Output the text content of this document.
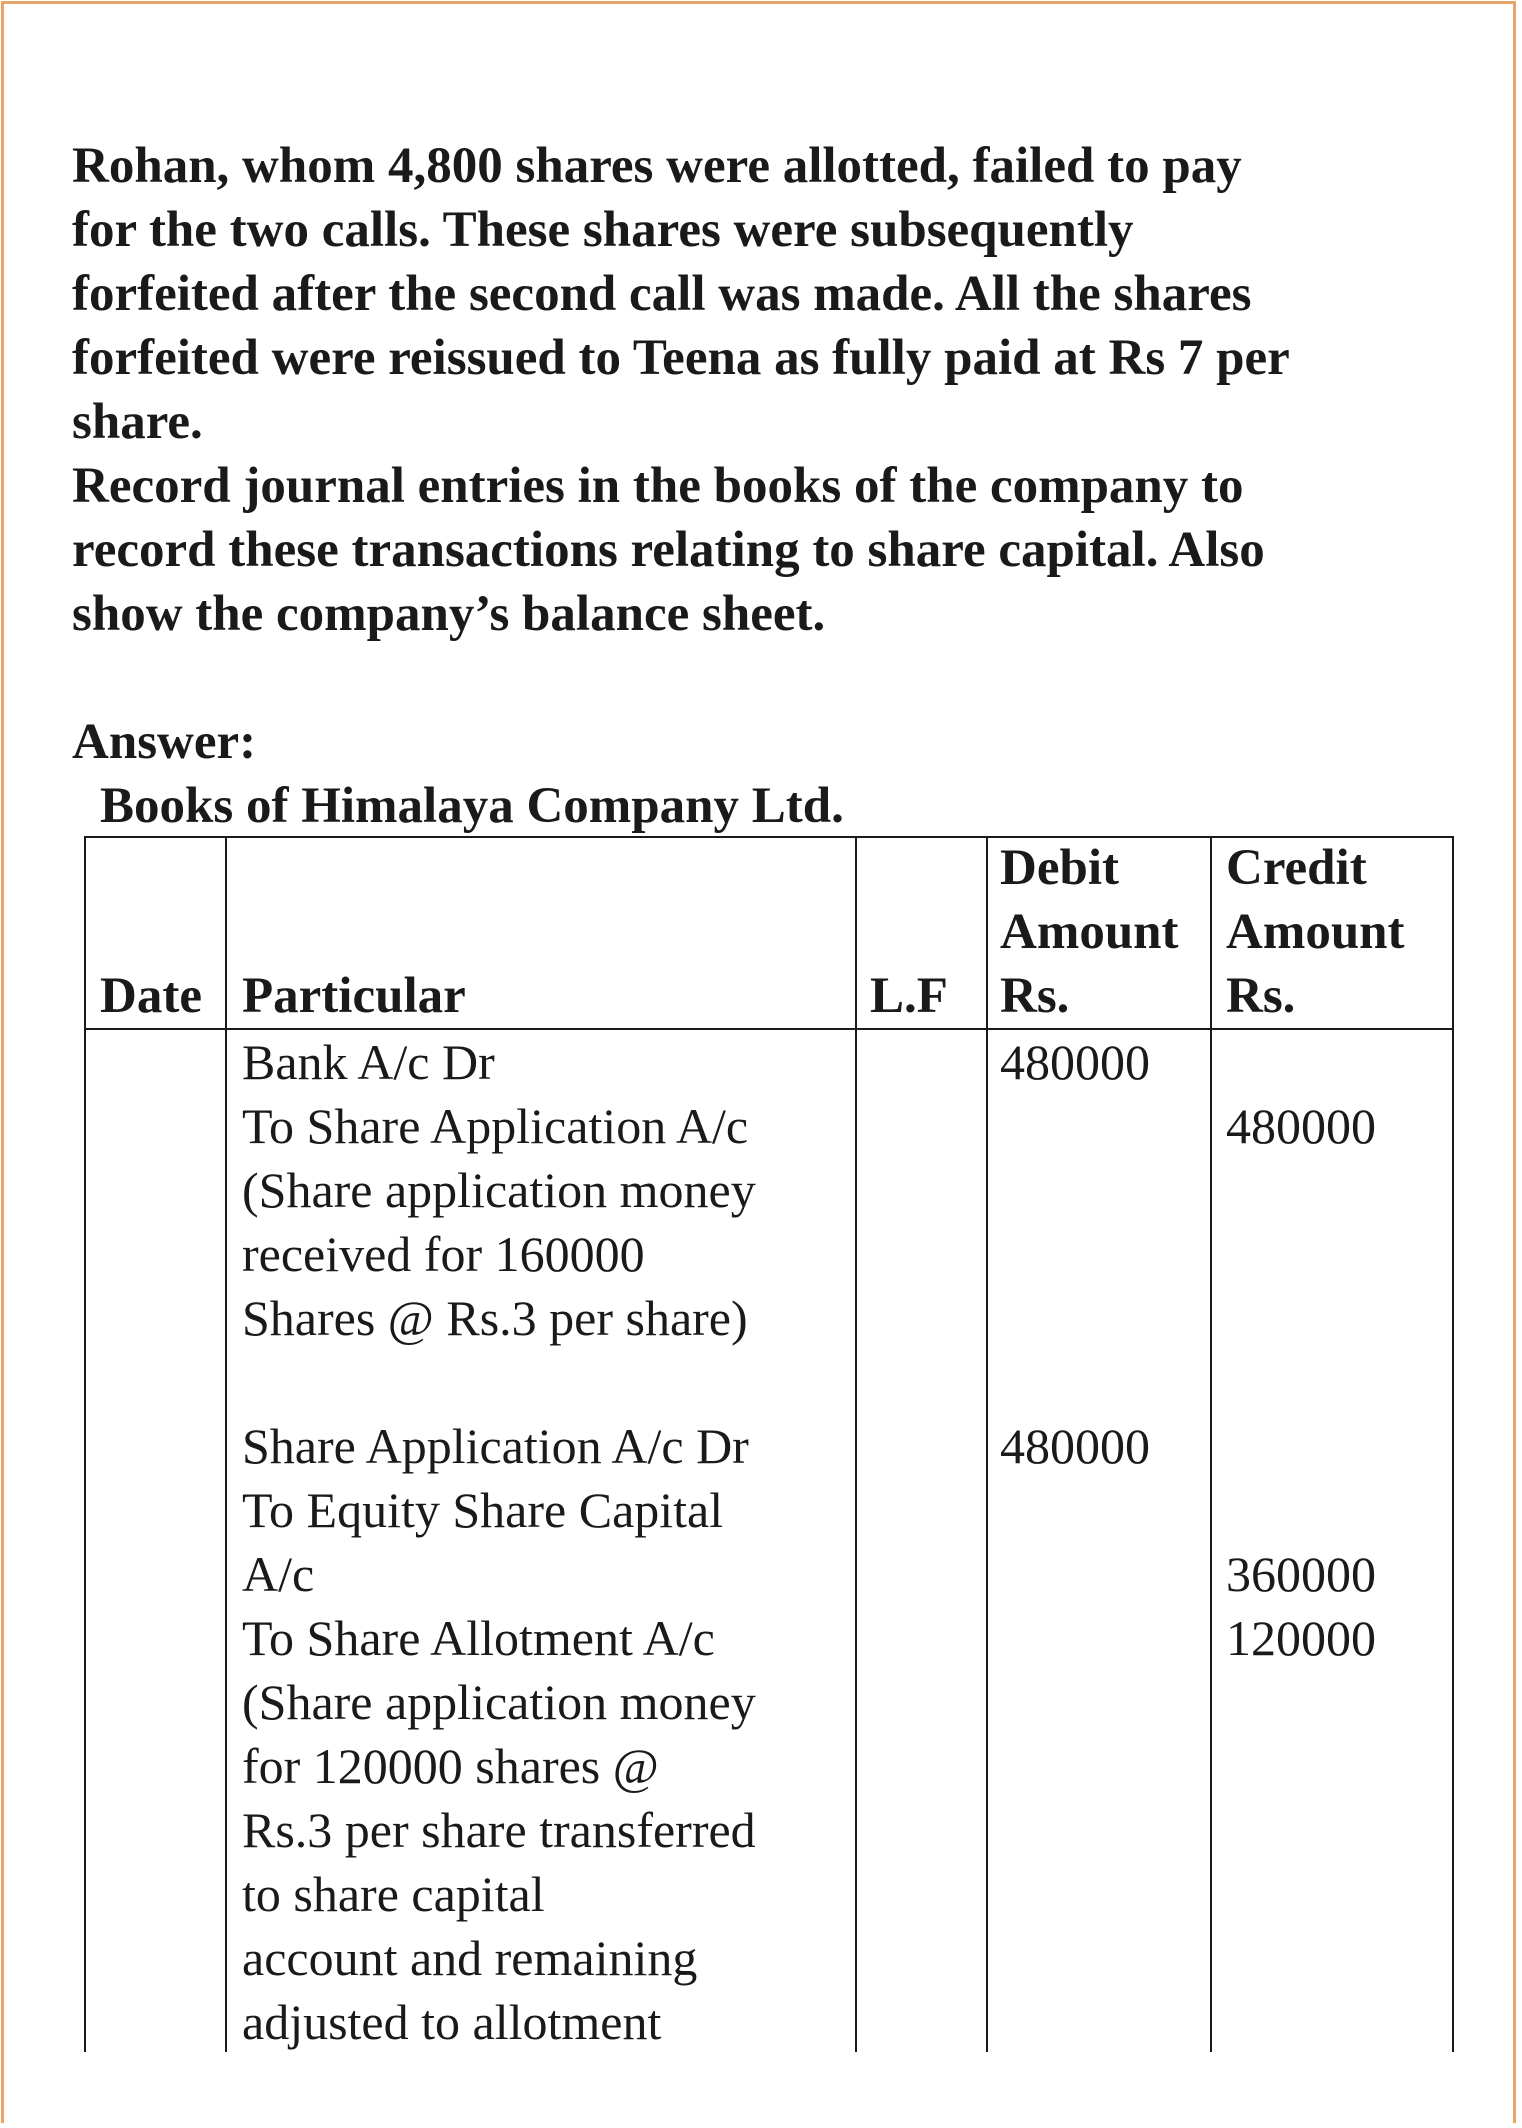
Rohan, whom 4,800 shares were allotted, failed to pay
for the two calls. These shares were subsequently
forfeited after the second call was made. All the shares
forfeited were reissued to Teena as fully paid at Rs 7 per
share.
Record journal entries in the books of the company to
record these transactions relating to share capital. Also
show the company’s balance sheet.

Answer:
Books of Himalaya Company Ltd.
Date Particular	L.F
Debit
Amount
Rs.
Credit
Amount
Rs.
Bank A/c Dr
To Share Application A/c
(Share application money
received for 160000
Shares @ Rs.3 per share)
480000
480000
Share Application A/c Dr
To Equity Share Capital
A/c
To Share Allotment A/c
(Share application money
for 120000 shares @
Rs.3 per share transferred
to share capital
account and remaining
adjusted to allotment
480000
360000
120000
